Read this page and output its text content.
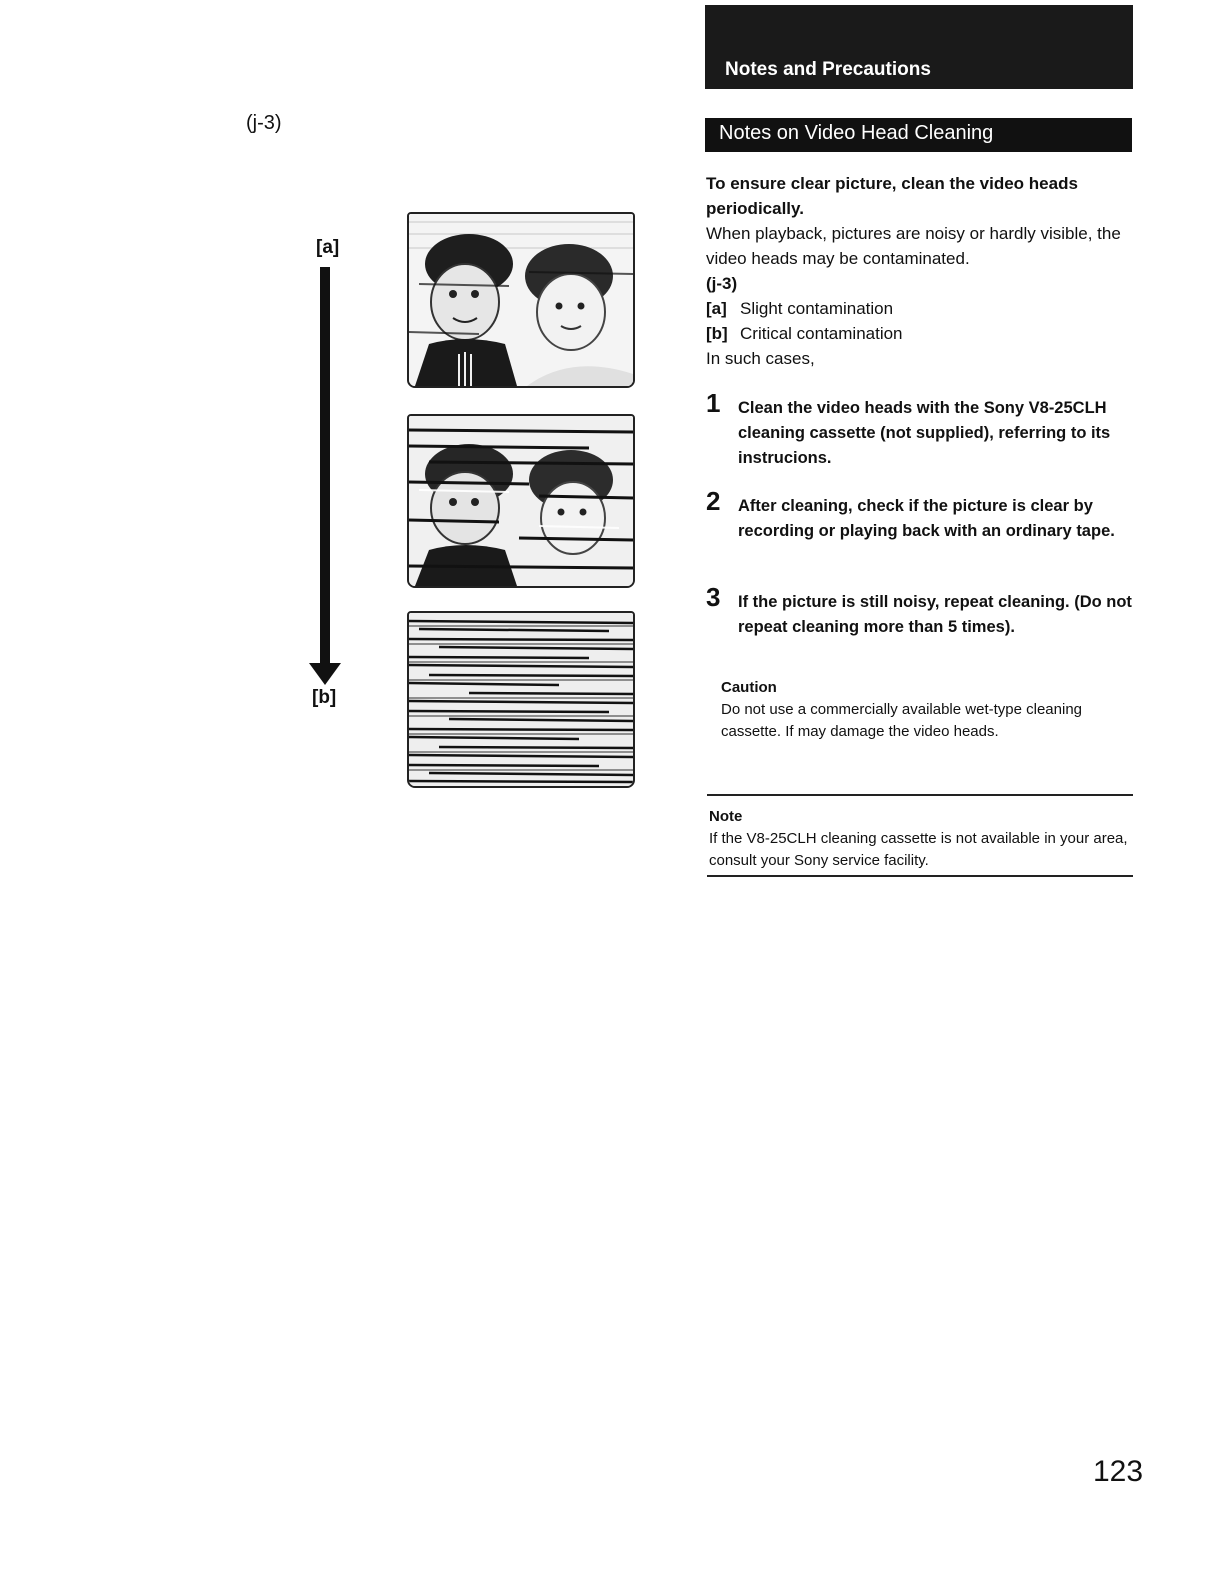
(j-3)
[a]
[b]
Notes and Precautions
Notes on Video Head Cleaning
To ensure clear picture, clean the video heads periodically.
When playback, pictures are noisy or hardly visible, the video heads may be contaminated.
(j-3)
[a] Slight contamination
[b] Critical contamination
In such cases,
1 Clean the video heads with the Sony V8-25CLH cleaning cassette (not supplied), referring to its instrucions.
2 After cleaning, check if the picture is clear by recording or playing back with an ordinary tape.
3 If the picture is still noisy, repeat cleaning. (Do not repeat cleaning more than 5 times).
Caution
Do not use a commercially available wet-type cleaning cassette. If may damage the video heads.
Note
If the V8-25CLH cleaning cassette is not available in your area, consult your Sony service facility.
123
